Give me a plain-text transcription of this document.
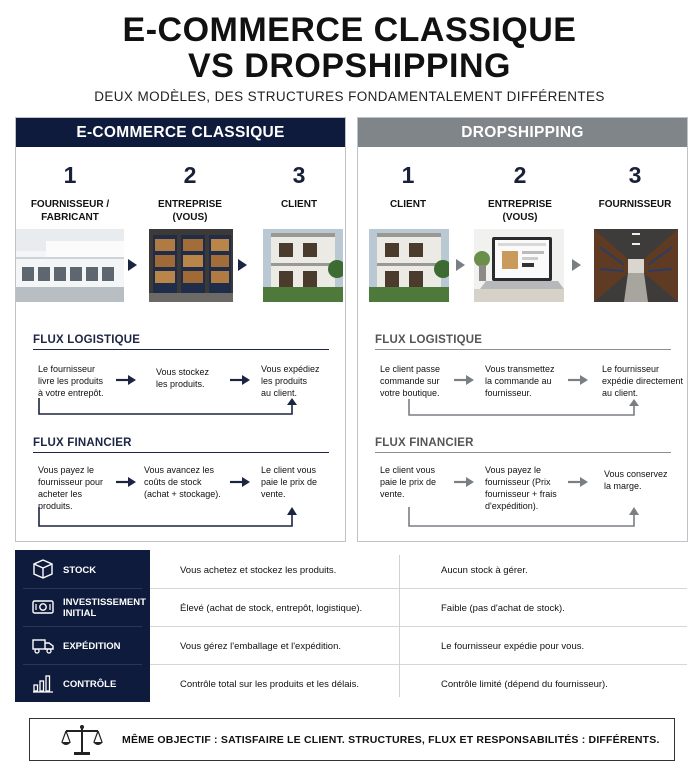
E-COMMERCE CLASSIQUE
VS DROPSHIPPING
DEUX MODÈLES, DES STRUCTURES FONDAMENTALEMENT DIFFÉRENTES
E-COMMERCE CLASSIQUE
1
FOURNISSEUR /
FABRICANT
2
ENTREPRISE
(VOUS)
3
CLIENT

FLUX LOGISTIQUE
Le fournisseur
livre les produits
à votre entrepôt.
Vous stockez
les produits.
Vous expédiez
les produits
au client.
FLUX FINANCIER
Vous payez le
fournisseur pour
acheter les
produits.
Vous avancez les
coûts de stock
(achat + stockage).
Le client vous
paie le prix de
vente.
DROPSHIPPING
1
CLIENT

2
ENTREPRISE
(VOUS)
3
FOURNISSEUR

FLUX LOGISTIQUE
Le client passe
commande sur
votre boutique.
Vous transmettez
la commande au
fournisseur.
Le fournisseur
expédie directement
au client.
FLUX FINANCIER
Le client vous
paie le prix de
vente.
Vous payez le
fournisseur (Prix
fournisseur + frais
d'expédition).
Vous conservez
la marge.
STOCK	Vous achetez et stockez les produits.	Aucun stock à gérer.
INVESTISSEMENT
INITIAL	Élevé (achat de stock, entrepôt, logistique).	Faible (pas d'achat de stock).
EXPÉDITION	Vous gérez l'emballage et l'expédition.	Le fournisseur expédie pour vous.
CONTRÔLE	Contrôle total sur les produits et les délais.	Contrôle limité (dépend du fournisseur).
MÊME OBJECTIF : SATISFAIRE LE CLIENT. STRUCTURES, FLUX ET RESPONSABILITÉS : DIFFÉRENTS.
